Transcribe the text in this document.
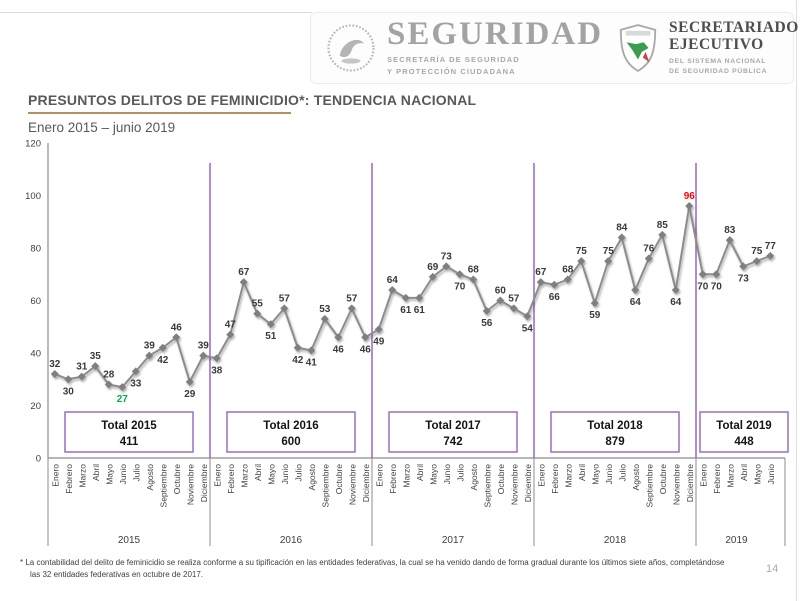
SEGURIDAD
SECRETARÍA DE SEGURIDAD
Y PROTECCIÓN CIUDADANA
SECRETARIADO
EJECUTIVO
DEL SISTEMA NACIONAL
DE SEGURIDAD PÚBLICA
PRESUNTOS DELITOS DE FEMINICIDIO*: TENDENCIA NACIONAL
Enero 2015 – junio 2019
0
20
40
60
80
100
120
Enero Febrero Marzo Abril Mayo Junio Julio Agosto Septiembre Octubre Noviembre Diciembre
2015
Total 2015
411
Enero Febrero Marzo Abril Mayo Junio Julio Agosto Septiembre Octubre Noviembre Diciembre
2016
Total 2016
600
Enero Febrero Marzo Abril Mayo Junio Julio Agosto Septiembre Octubre Noviembre Diciembre
2017
Total 2017
742
Enero Febrero Marzo Abril Mayo Junio Julio Agosto Septiembre Octubre Noviembre Diciembre
2018
Total 2018
879
Enero Febrero Marzo Abril Mayo Junio
2019
Total 2019
448
32
30
31
35
28
27
33
39
42
46
29
39
38
47
67
55
51
57
42 41
53
46
57
46
49
64
61 61
69
73
70
68
56
60
57
54
67
66
68
75
59
75
84
64
76
85
64
96
70 70
83
73
75 77
* La contabilidad del delito de feminicidio se realiza conforme a su tipificación en las entidades federativas, la cual se ha venido dando de forma gradual durante los últimos siete años, completándose las 32 entidades federativas en octubre de 2017.	14
